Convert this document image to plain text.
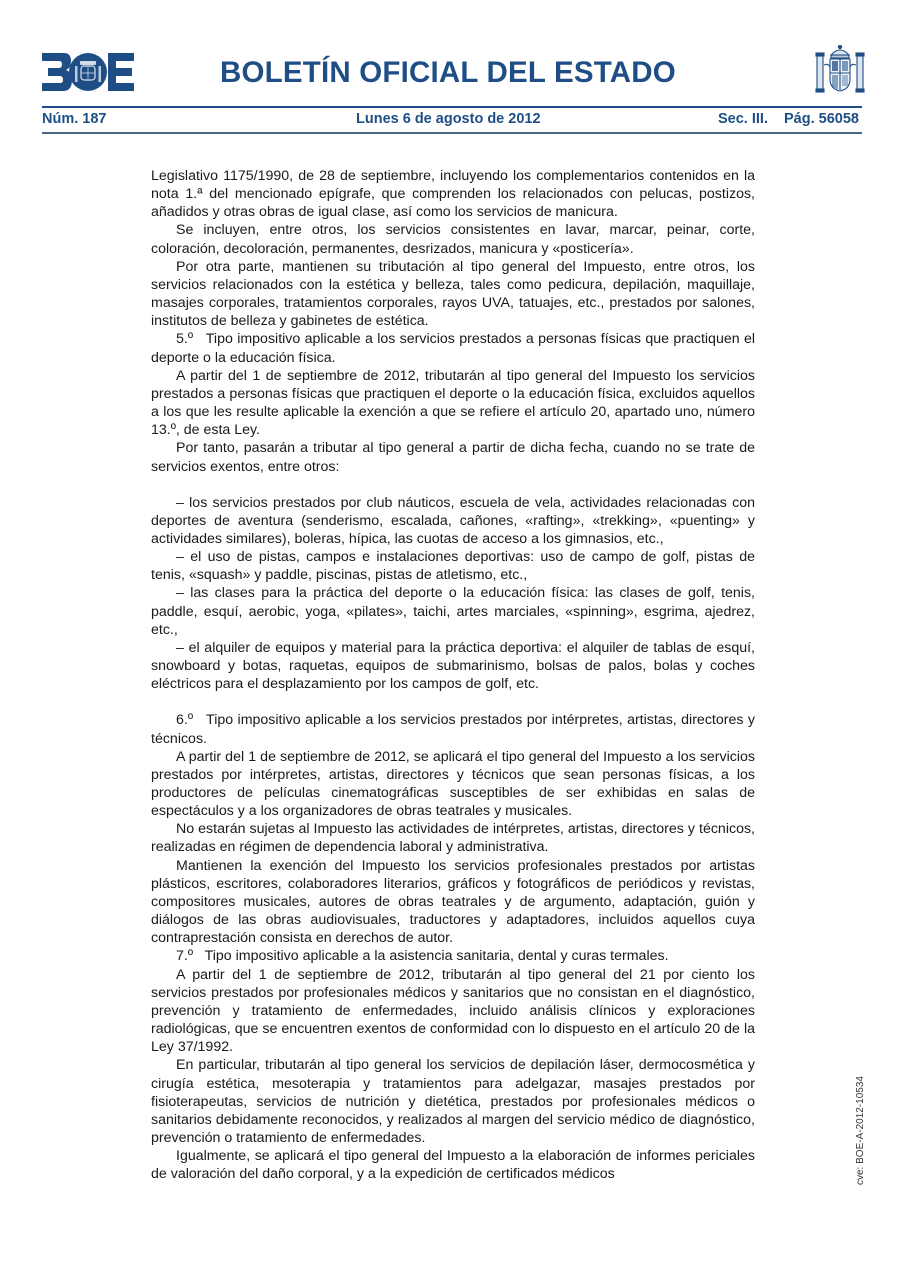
BOLETÍN OFICIAL DEL ESTADO
Núm. 187	Lunes 6 de agosto de 2012	Sec. III. Pág. 56058

Legislativo 1175/1990, de 28 de septiembre, incluyendo los complementarios contenidos en la nota 1.ª del mencionado epígrafe, que comprenden los relacionados con pelucas, postizos, añadidos y otras obras de igual clase, así como los servicios de manicura.

Se incluyen, entre otros, los servicios consistentes en lavar, marcar, peinar, corte, coloración, decoloración, permanentes, desrizados, manicura y «posticería».

Por otra parte, mantienen su tributación al tipo general del Impuesto, entre otros, los servicios relacionados con la estética y belleza, tales como pedicura, depilación, maquillaje, masajes corporales, tratamientos corporales, rayos UVA, tatuajes, etc., prestados por salones, institutos de belleza y gabinetes de estética.

5.º   Tipo impositivo aplicable a los servicios prestados a personas físicas que practiquen el deporte o la educación física.

A partir del 1 de septiembre de 2012, tributarán al tipo general del Impuesto los servicios prestados a personas físicas que practiquen el deporte o la educación física, excluidos aquellos a los que les resulte aplicable la exención a que se refiere el artículo 20, apartado uno, número 13.º, de esta Ley.

Por tanto, pasarán a tributar al tipo general a partir de dicha fecha, cuando no se trate de servicios exentos, entre otros:

– los servicios prestados por club náuticos, escuela de vela, actividades relacionadas con deportes de aventura (senderismo, escalada, cañones, «rafting», «trekking», «puenting» y actividades similares), boleras, hípica, las cuotas de acceso a los gimnasios, etc.,

– el uso de pistas, campos e instalaciones deportivas: uso de campo de golf, pistas de tenis, «squash» y paddle, piscinas, pistas de atletismo, etc.,

– las clases para la práctica del deporte o la educación física: las clases de golf, tenis, paddle, esquí, aerobic, yoga, «pilates», taichi, artes marciales, «spinning», esgrima, ajedrez, etc.,

– el alquiler de equipos y material para la práctica deportiva: el alquiler de tablas de esquí, snowboard y botas, raquetas, equipos de submarinismo, bolsas de palos, bolas y coches eléctricos para el desplazamiento por los campos de golf, etc.

6.º   Tipo impositivo aplicable a los servicios prestados por intérpretes, artistas, directores y técnicos.

A partir del 1 de septiembre de 2012, se aplicará el tipo general del Impuesto a los servicios prestados por intérpretes, artistas, directores y técnicos que sean personas físicas, a los productores de películas cinematográficas susceptibles de ser exhibidas en salas de espectáculos y a los organizadores de obras teatrales y musicales.

No estarán sujetas al Impuesto las actividades de intérpretes, artistas, directores y técnicos, realizadas en régimen de dependencia laboral y administrativa.

Mantienen la exención del Impuesto los servicios profesionales prestados por artistas plásticos, escritores, colaboradores literarios, gráficos y fotográficos de periódicos y revistas, compositores musicales, autores de obras teatrales y de argumento, adaptación, guión y diálogos de las obras audiovisuales, traductores y adaptadores, incluidos aquellos cuya contraprestación consista en derechos de autor.

7.º   Tipo impositivo aplicable a la asistencia sanitaria, dental y curas termales.

A partir del 1 de septiembre de 2012, tributarán al tipo general del 21 por ciento los servicios prestados por profesionales médicos y sanitarios que no consistan en el diagnóstico, prevención y tratamiento de enfermedades, incluido análisis clínicos y exploraciones radiológicas, que se encuentren exentos de conformidad con lo dispuesto en el artículo 20 de la Ley 37/1992.

En particular, tributarán al tipo general los servicios de depilación láser, dermocosmética y cirugía estética, mesoterapia y tratamientos para adelgazar, masajes prestados por fisioterapeutas, servicios de nutrición y dietética, prestados por profesionales médicos o sanitarios debidamente reconocidos, y realizados al margen del servicio médico de diagnóstico, prevención o tratamiento de enfermedades.

Igualmente, se aplicará el tipo general del Impuesto a la elaboración de informes periciales de valoración del daño corporal, y a la expedición de certificados médicos	cve: BOE-A-2012-10534
